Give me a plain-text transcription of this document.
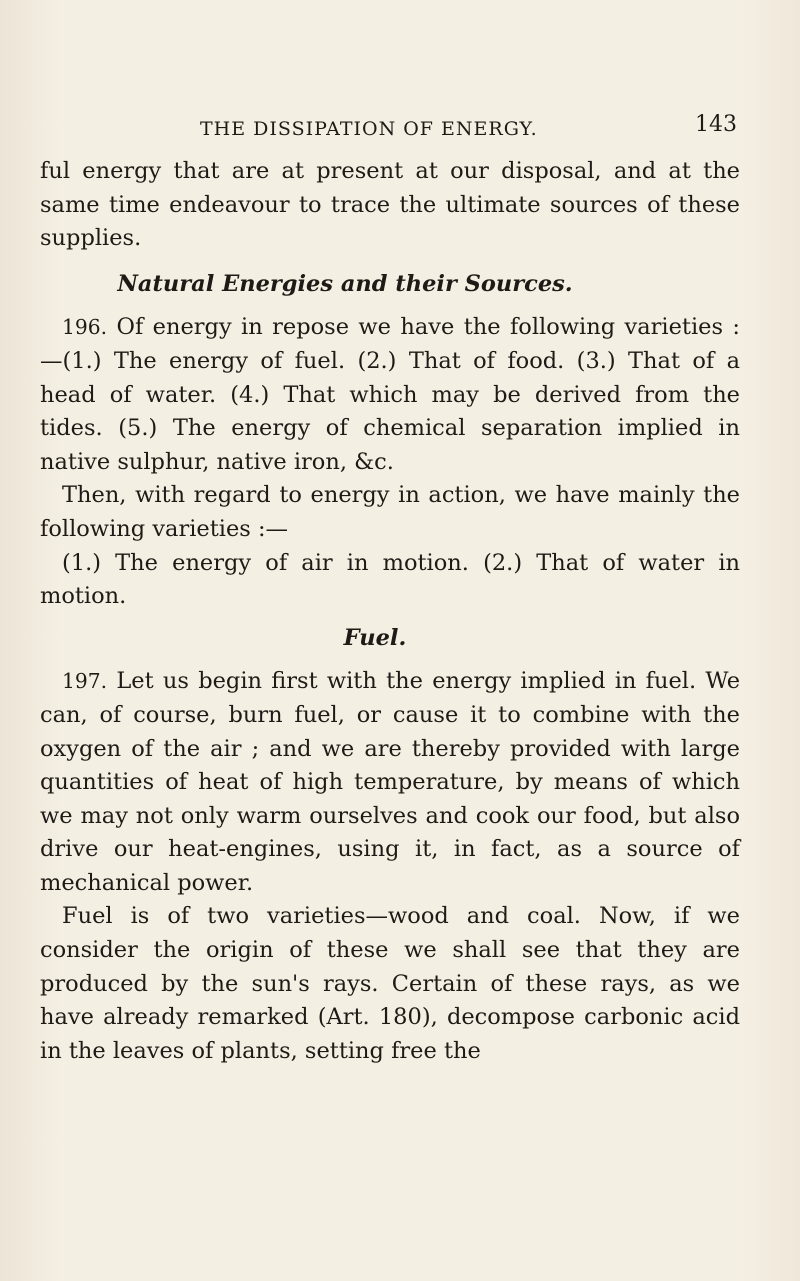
THE DISSIPATION OF ENERGY.	143

ful energy that are at present at our disposal, and at the same time endeavour to trace the ultimate sources of these supplies.

Natural Energies and their Sources.

196. Of energy in repose we have the following varieties :—(1.) The energy of fuel. (2.) That of food. (3.) That of a head of water. (4.) That which may be derived from the tides. (5.) The energy of chemical separation implied in native sulphur, native iron, &c.

Then, with regard to energy in action, we have mainly the following varieties :—

(1.) The energy of air in motion. (2.) That of water in motion.

Fuel.

197. Let us begin first with the energy implied in fuel. We can, of course, burn fuel, or cause it to combine with the oxygen of the air ; and we are thereby provided with large quantities of heat of high temperature, by means of which we may not only warm ourselves and cook our food, but also drive our heat-engines, using it, in fact, as a source of mechanical power.

Fuel is of two varieties—wood and coal. Now, if we consider the origin of these we shall see that they are produced by the sun's rays. Certain of these rays, as we have already remarked (Art. 180), decompose carbonic acid in the leaves of plants, setting free the
